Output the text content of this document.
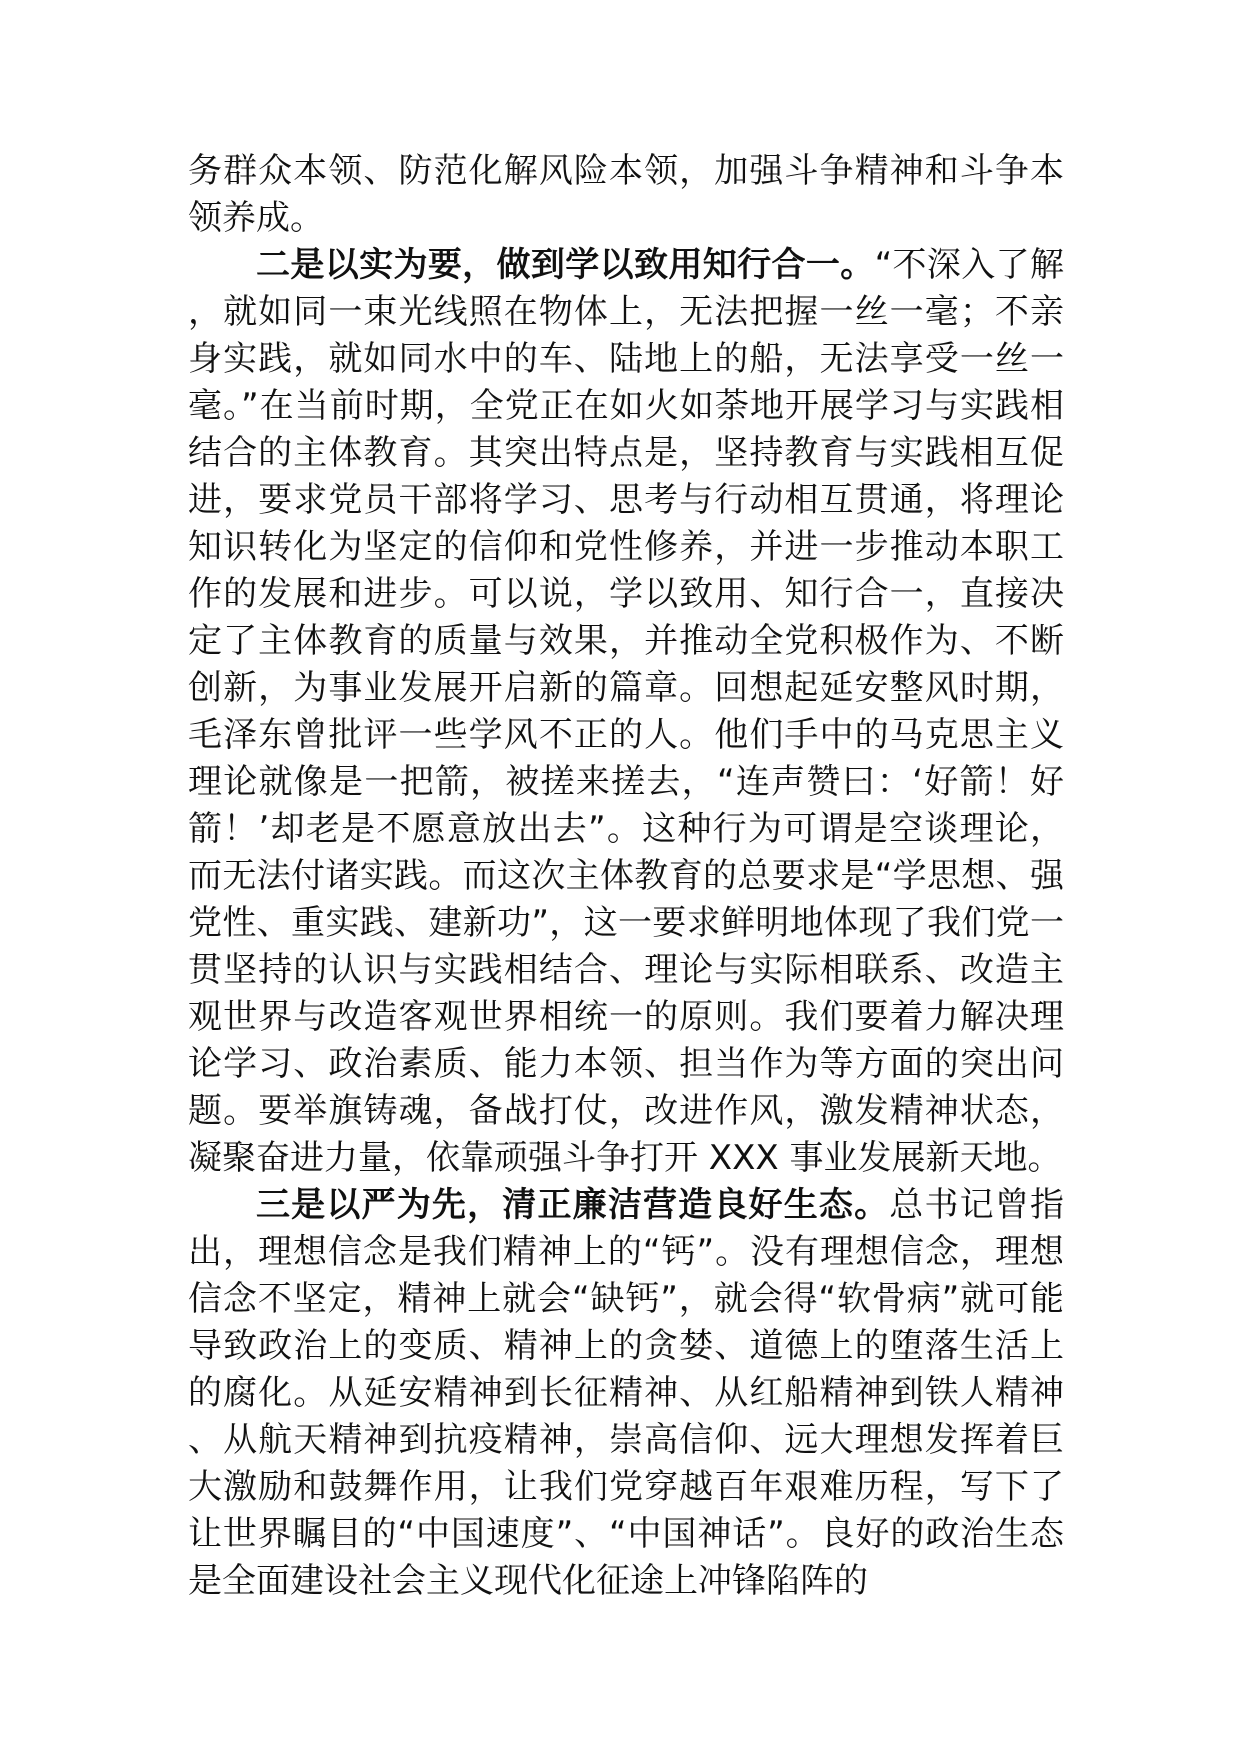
务群众本领、防范化解风险本领，加强斗争精神和斗争本领养成。

二是以实为要，做到学以致用知行合一。“不深入了解，就如同一束光线照在物体上，无法把握一丝一毫；不亲身实践，就如同水中的车、陆地上的船，无法享受一丝一毫。”在当前时期，全党正在如火如荼地开展学习与实践相结合的主体教育。其突出特点是，坚持教育与实践相互促进，要求党员干部将学习、思考与行动相互贯通，将理论知识转化为坚定的信仰和党性修养，并进一步推动本职工作的发展和进步。可以说，学以致用、知行合一，直接决定了主体教育的质量与效果，并推动全党积极作为、不断创新，为事业发展开启新的篇章。回想起延安整风时期，毛泽东曾批评一些学风不正的人。他们手中的马克思主义理论就像是一把箭，被搓来搓去，“连声赞曰：‘好箭！好箭！’却老是不愿意放出去”。这种行为可谓是空谈理论，而无法付诸实践。而这次主体教育的总要求是“学思想、强党性、重实践、建新功”，这一要求鲜明地体现了我们党一贯坚持的认识与实践相结合、理论与实际相联系、改造主观世界与改造客观世界相统一的原则。我们要着力解决理论学习、政治素质、能力本领、担当作为等方面的突出问题。要举旗铸魂，备战打仗，改进作风，激发精神状态，凝聚奋进力量，依靠顽强斗争打开 XXX 事业发展新天地。

三是以严为先，清正廉洁营造良好生态。总书记曾指出，理想信念是我们精神上的“钙”。没有理想信念，理想信念不坚定，精神上就会“缺钙”，就会得“软骨病”就可能导致政治上的变质、精神上的贪婪、道德上的堕落生活上的腐化。从延安精神到长征精神、从红船精神到铁人精神、从航天精神到抗疫精神，崇高信仰、远大理想发挥着巨大激励和鼓舞作用，让我们党穿越百年艰难历程，写下了让世界瞩目的“中国速度”、“中国神话”。良好的政治生态是全面建设社会主义现代化征途上冲锋陷阵的
